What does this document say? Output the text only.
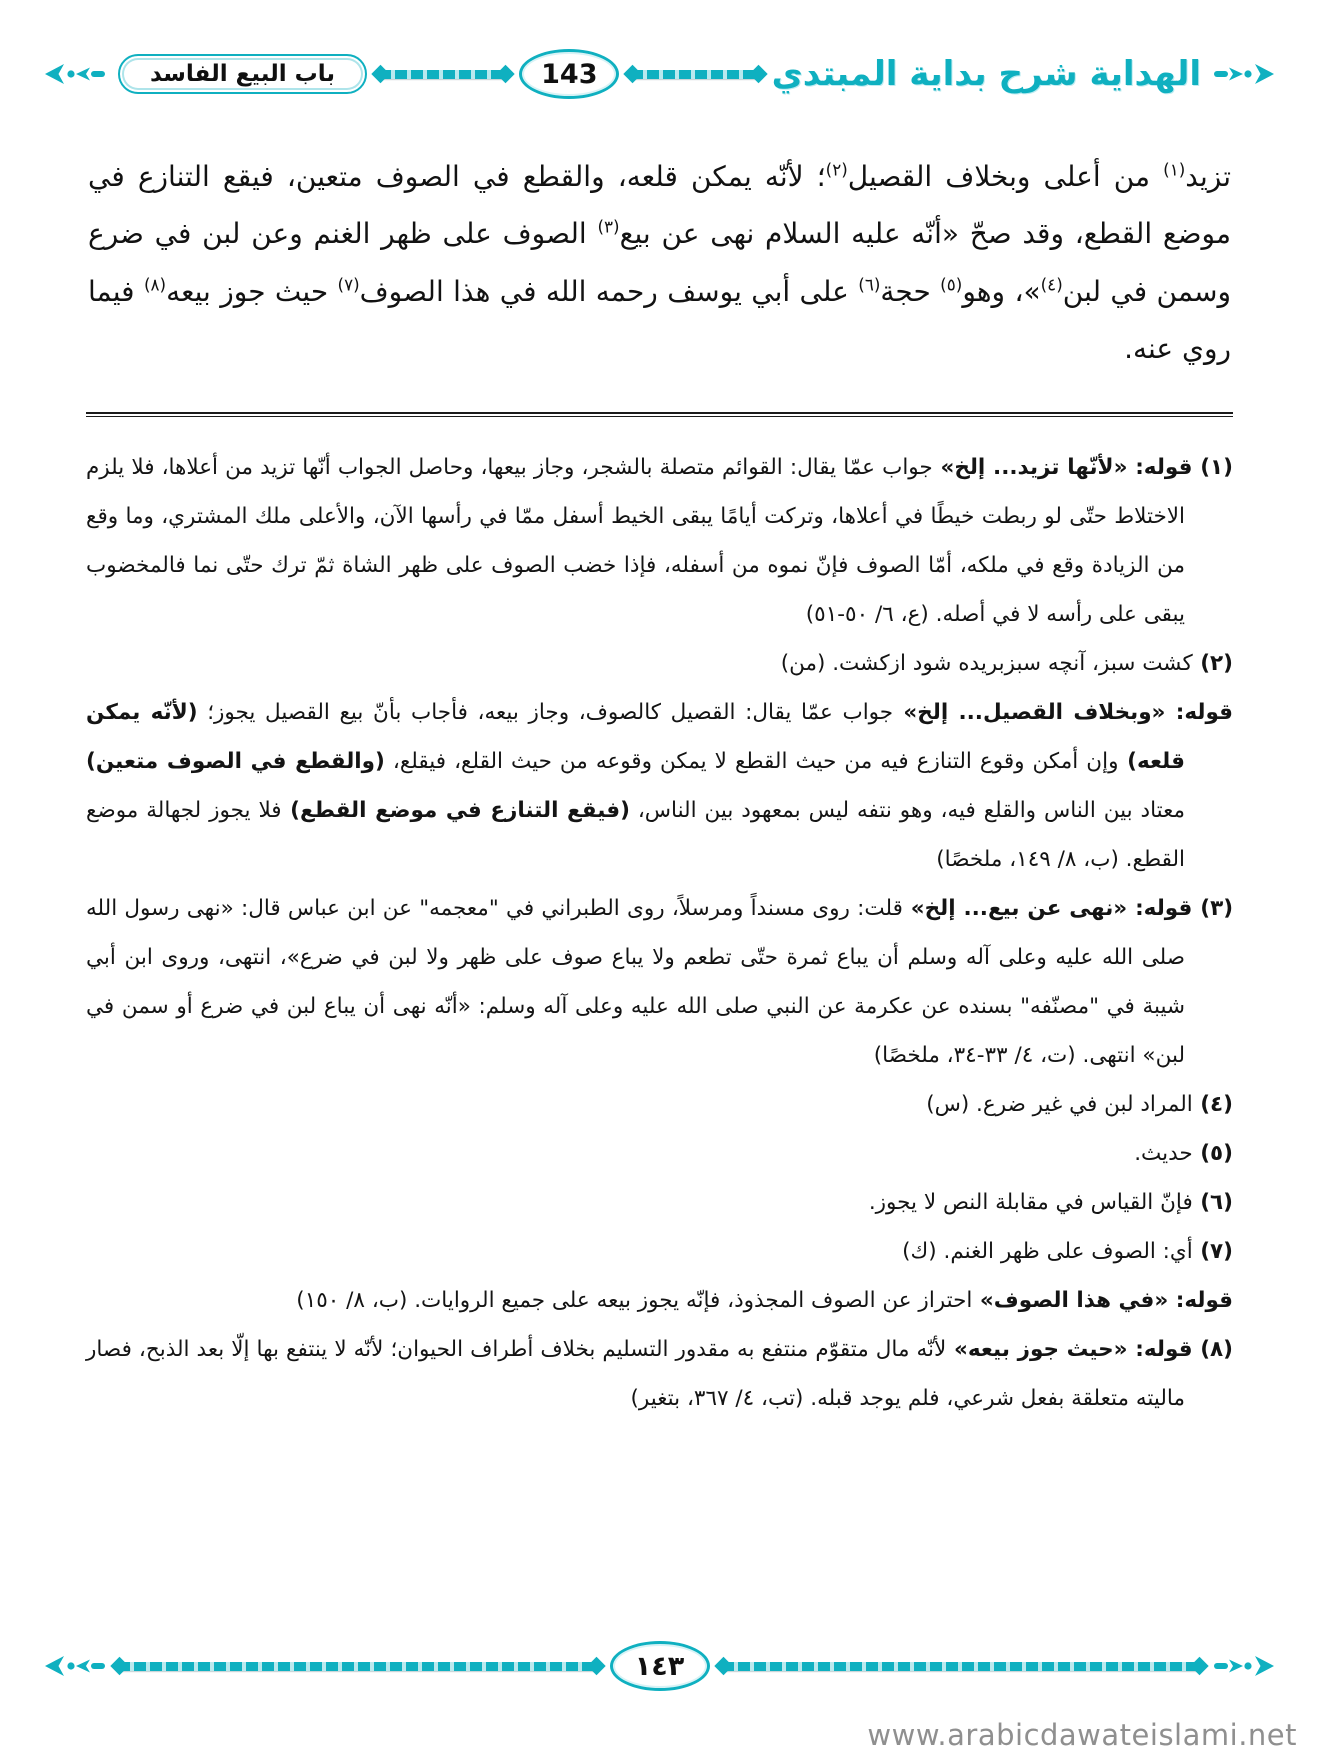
باب البيع الفاسد	143	الهداية شرح بداية المبتدي

تزيد$^{(١)}$ من أعلى وبخلاف القصيل$^{(٢)}$؛ لأنّه يمكن قلعه، والقطع في الصوف متعين، فيقع التنازع في موضع القطع، وقد صحّ «أنّه عليه السلام نهى عن بيع$^{(٣)}$ الصوف على ظهر الغنم وعن لبن في ضرع وسمن في لبن$^{(٤)}$»، وهو$^{(٥)}$ حجة$^{(٦)}$ على أبي يوسف رحمه الله في هذا الصوف$^{(٧)}$ حيث جوز بيعه$^{(٨)}$ فيما روي عنه.

(١) قوله: «لأنّها تزيد... إلخ» جواب عمّا يقال: القوائم متصلة بالشجر، وجاز بيعها، وحاصل الجواب أنّها تزيد من أعلاها، فلا يلزم الاختلاط حتّى لو ربطت خيطًا في أعلاها، وتركت أيامًا يبقى الخيط أسفل ممّا في رأسها الآن، والأعلى ملك المشتري، وما وقع من الزيادة وقع في ملكه، أمّا الصوف فإنّ نموه من أسفله، فإذا خضب الصوف على ظهر الشاة ثمّ ترك حتّى نما فالمخضوب يبقى على رأسه لا في أصله. (ع، ٦/ ٥٠-٥١)

(٢) كشت سبز، آنچه سبزبريده شود ازكشت. (من)

قوله: «وبخلاف القصيل... إلخ» جواب عمّا يقال: القصيل كالصوف، وجاز بيعه، فأجاب بأنّ بيع القصيل يجوز؛ (لأنّه يمكن قلعه) وإن أمكن وقوع التنازع فيه من حيث القطع لا يمكن وقوعه من حيث القلع، فيقلع، (والقطع في الصوف متعين) معتاد بين الناس والقلع فيه، وهو نتفه ليس بمعهود بين الناس، (فيقع التنازع في موضع القطع) فلا يجوز لجهالة موضع القطع. (ب، ٨/ ١٤٩، ملخصًا)

(٣) قوله: «نهى عن بيع... إلخ» قلت: روى مسنداً ومرسلاً، روى الطبراني في "معجمه" عن ابن عباس قال: «نهى رسول الله صلى الله عليه وعلى آله وسلم أن يباع ثمرة حتّى تطعم ولا يباع صوف على ظهر ولا لبن في ضرع»، انتهى، وروى ابن أبي شيبة في "مصنّفه" بسنده عن عكرمة عن النبي صلى الله عليه وعلى آله وسلم: «أنّه نهى أن يباع لبن في ضرع أو سمن في لبن» انتهى. (ت، ٤/ ٣٣-٣٤، ملخصًا)

(٤) المراد لبن في غير ضرع. (س)

(٥) حديث.

(٦) فإنّ القياس في مقابلة النص لا يجوز.

(٧) أي: الصوف على ظهر الغنم. (ك)

قوله: «في هذا الصوف» احتراز عن الصوف المجذوذ، فإنّه يجوز بيعه على جميع الروايات. (ب، ٨/ ١٥٠)

(٨) قوله: «حيث جوز بيعه» لأنّه مال متقوّم منتفع به مقدور التسليم بخلاف أطراف الحيوان؛ لأنّه لا ينتفع بها إلّا بعد الذبح، فصار ماليته متعلقة بفعل شرعي، فلم يوجد قبله. (تب، ٤/ ٣٦٧، بتغير)

١٤٣
www.arabicdawateislami.net
